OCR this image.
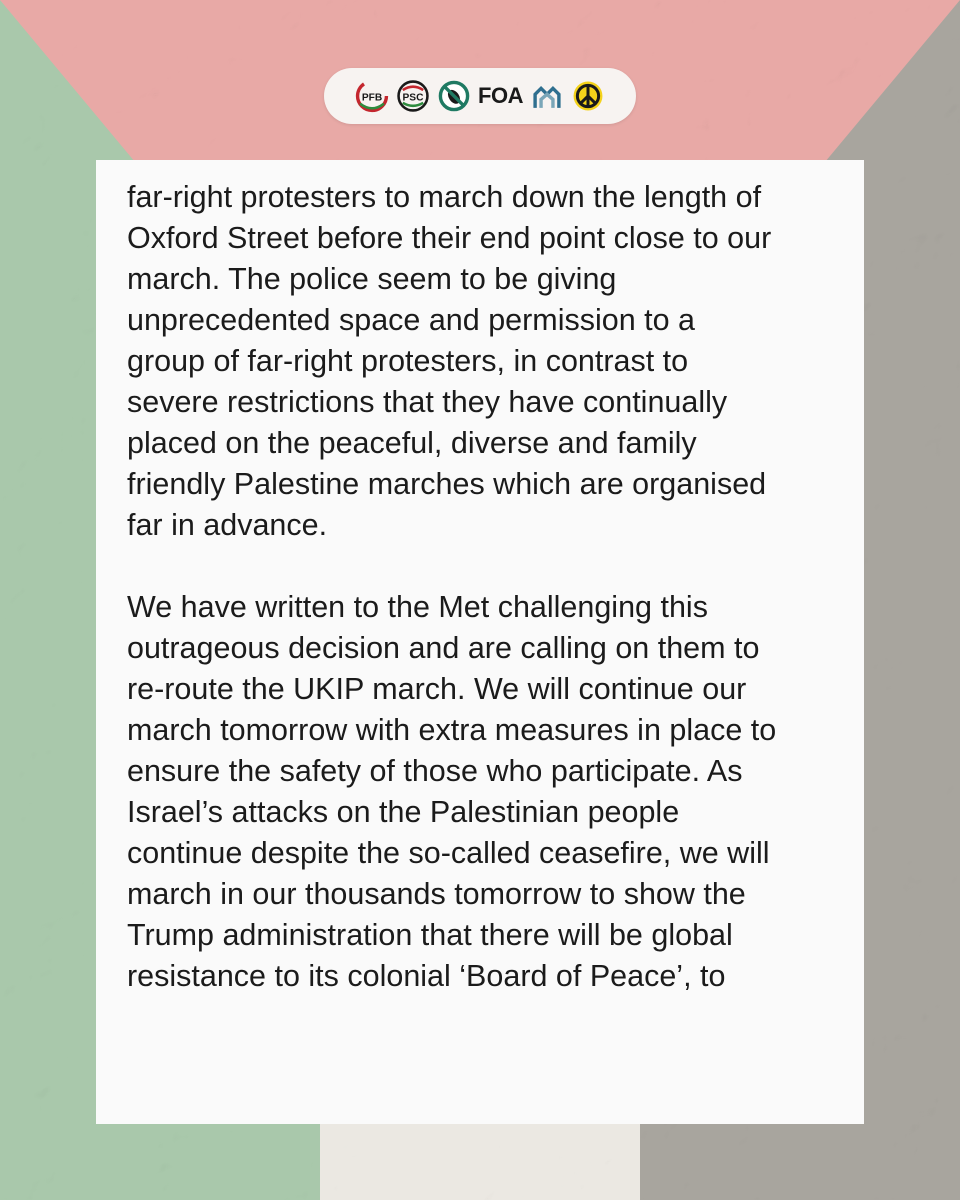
PFB PSC FOA

far-right protesters to march down the length of
Oxford Street before their end point close to our
march. The police seem to be giving
unprecedented space and permission to a
group of far-right protesters, in contrast to
severe restrictions that they have continually
placed on the peaceful, diverse and family
friendly Palestine marches which are organised
far in advance.

We have written to the Met challenging this
outrageous decision and are calling on them to
re-route the UKIP march. We will continue our
march tomorrow with extra measures in place to
ensure the safety of those who participate. As
Israel’s attacks on the Palestinian people
continue despite the so-called ceasefire, we will
march in our thousands tomorrow to show the
Trump administration that there will be global
resistance to its colonial ‘Board of Peace’, to
